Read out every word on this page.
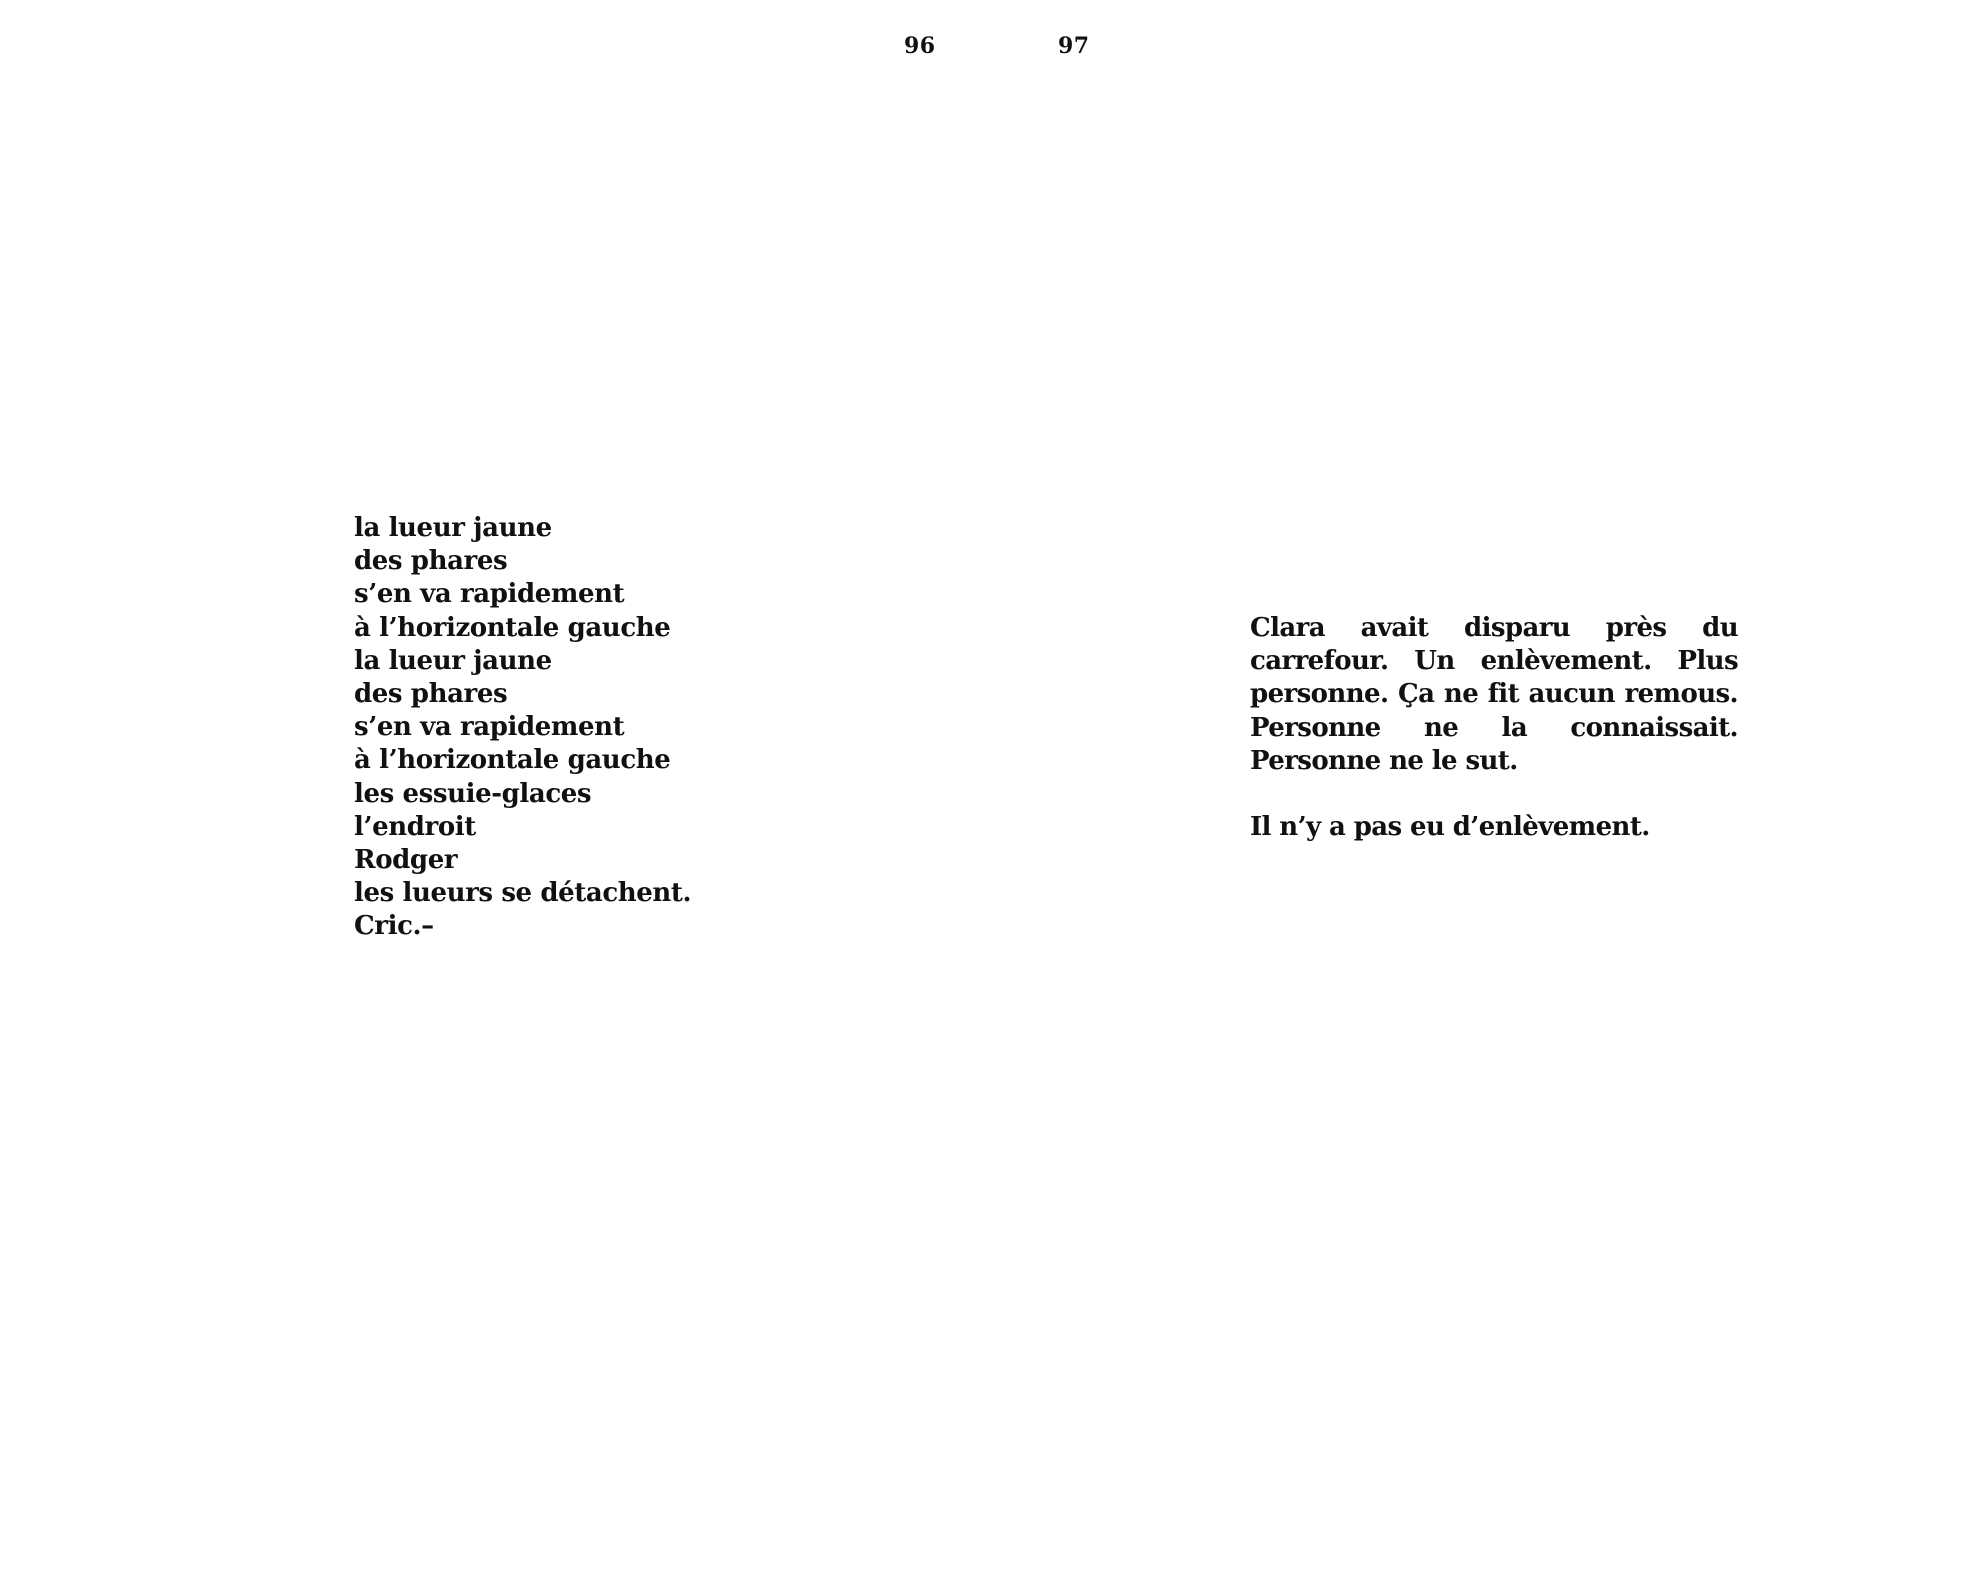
96	97
la lueur jaune
des phares
s’en va rapidement
à l’horizontale gauche
la lueur jaune
des phares
s’en va rapidement
à l’horizontale gauche
les essuie-glaces
l’endroit
Rodger
les lueurs se détachent.
Cric.–

Clara avait disparu près du carrefour. Un enlèvement. Plus personne. Ça ne fit aucun remous. Personne ne la connaissait. Personne ne le sut.

Il n’y a pas eu d’enlèvement.
